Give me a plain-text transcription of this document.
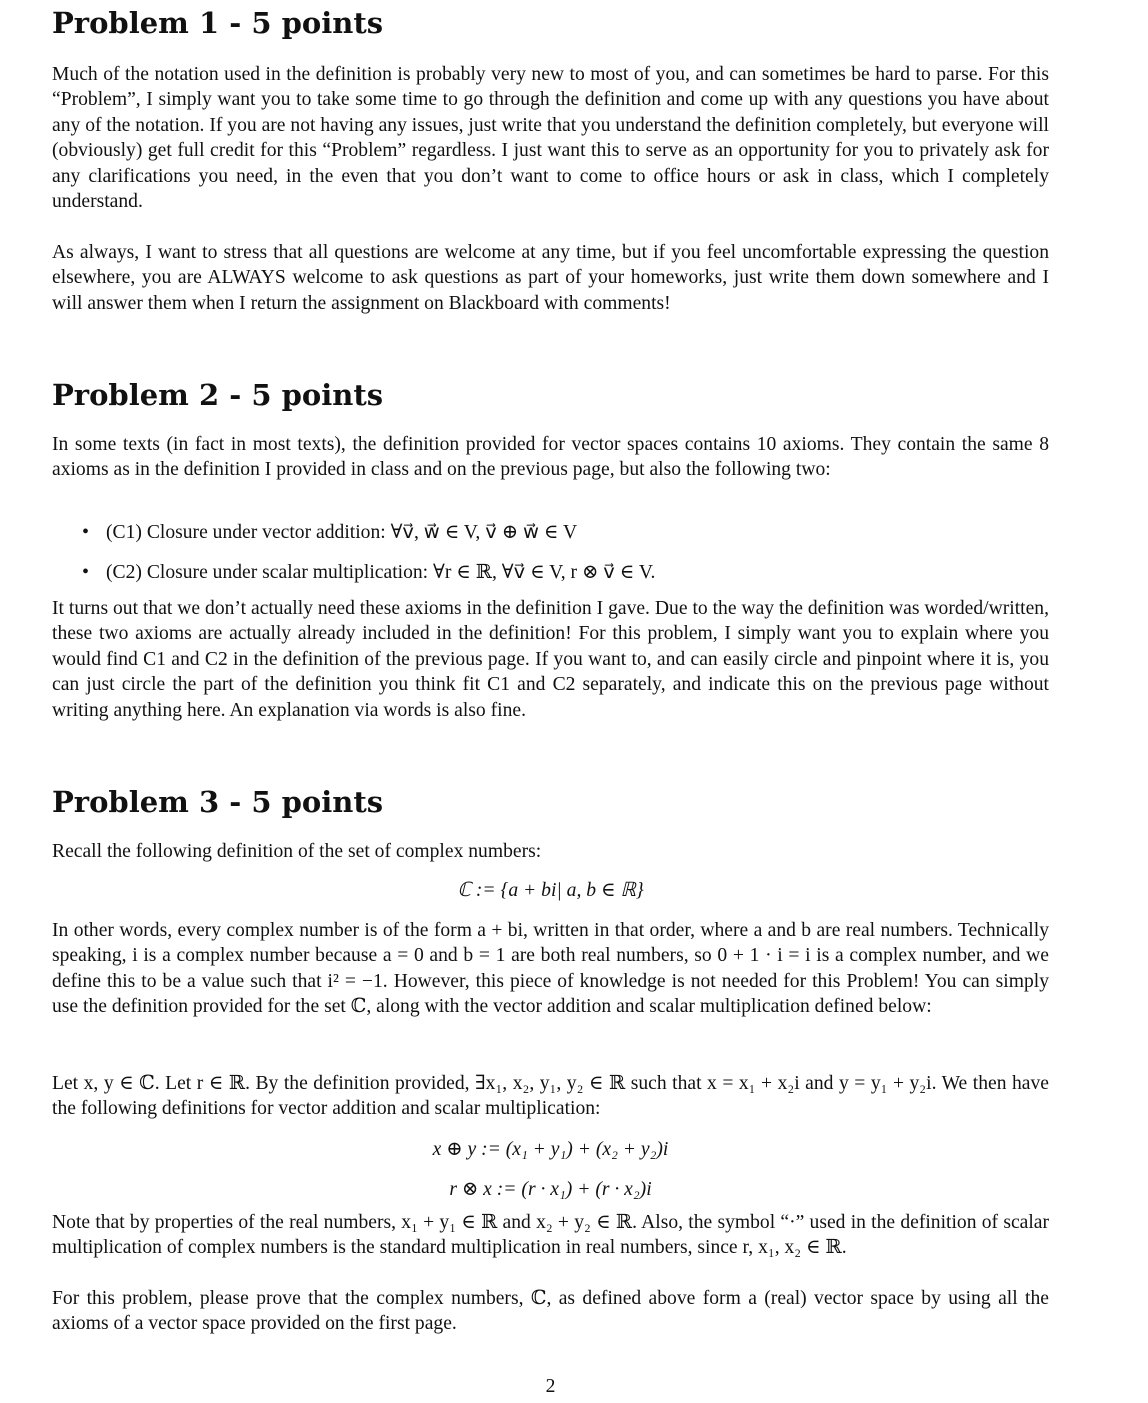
Problem 1 - 5 points

Much of the notation used in the definition is probably very new to most of you, and can sometimes be hard to parse. For this “Problem”, I simply want you to take some time to go through the definition and come up with any questions you have about any of the notation. If you are not having any issues, just write that you understand the definition completely, but everyone will (obviously) get full credit for this “Problem” regardless. I just want this to serve as an opportunity for you to privately ask for any clarifications you need, in the even that you don’t want to come to office hours or ask in class, which I completely understand.

As always, I want to stress that all questions are welcome at any time, but if you feel uncomfortable expressing the question elsewhere, you are ALWAYS welcome to ask questions as part of your homeworks, just write them down somewhere and I will answer them when I return the assignment on Blackboard with comments!

Problem 2 - 5 points

In some texts (in fact in most texts), the definition provided for vector spaces contains 10 axioms. They contain the same 8 axioms as in the definition I provided in class and on the previous page, but also the following two:

• (C1) Closure under vector addition: ∀v⃗, w⃗ ∈ V, v⃗ ⊕ w⃗ ∈ V
• (C2) Closure under scalar multiplication: ∀r ∈ ℝ, ∀v⃗ ∈ V, r ⊗ v⃗ ∈ V.

It turns out that we don’t actually need these axioms in the definition I gave. Due to the way the definition was worded/written, these two axioms are actually already included in the definition! For this problem, I simply want you to explain where you would find C1 and C2 in the definition of the previous page. If you want to, and can easily circle and pinpoint where it is, you can just circle the part of the definition you think fit C1 and C2 separately, and indicate this on the previous page without writing anything here. An explanation via words is also fine.

Problem 3 - 5 points

Recall the following definition of the set of complex numbers:

ℂ := {a + bi| a, b ∈ ℝ}

In other words, every complex number is of the form a + bi, written in that order, where a and b are real numbers. Technically speaking, i is a complex number because a = 0 and b = 1 are both real numbers, so 0 + 1 · i = i is a complex number, and we define this to be a value such that i² = −1. However, this piece of knowledge is not needed for this Problem! You can simply use the definition provided for the set ℂ, along with the vector addition and scalar multiplication defined below:

Let x, y ∈ ℂ. Let r ∈ ℝ. By the definition provided, ∃x₁, x₂, y₁, y₂ ∈ ℝ such that x = x₁ + x₂i and y = y₁ + y₂i. We then have the following definitions for vector addition and scalar multiplication:

x ⊕ y := (x₁ + y₁) + (x₂ + y₂)i
r ⊗ x := (r · x₁) + (r · x₂)i

Note that by properties of the real numbers, x₁ + y₁ ∈ ℝ and x₂ + y₂ ∈ ℝ. Also, the symbol “·” used in the definition of scalar multiplication of complex numbers is the standard multiplication in real numbers, since r, x₁, x₂ ∈ ℝ.

For this problem, please prove that the complex numbers, ℂ, as defined above form a (real) vector space by using all the axioms of a vector space provided on the first page.

2
